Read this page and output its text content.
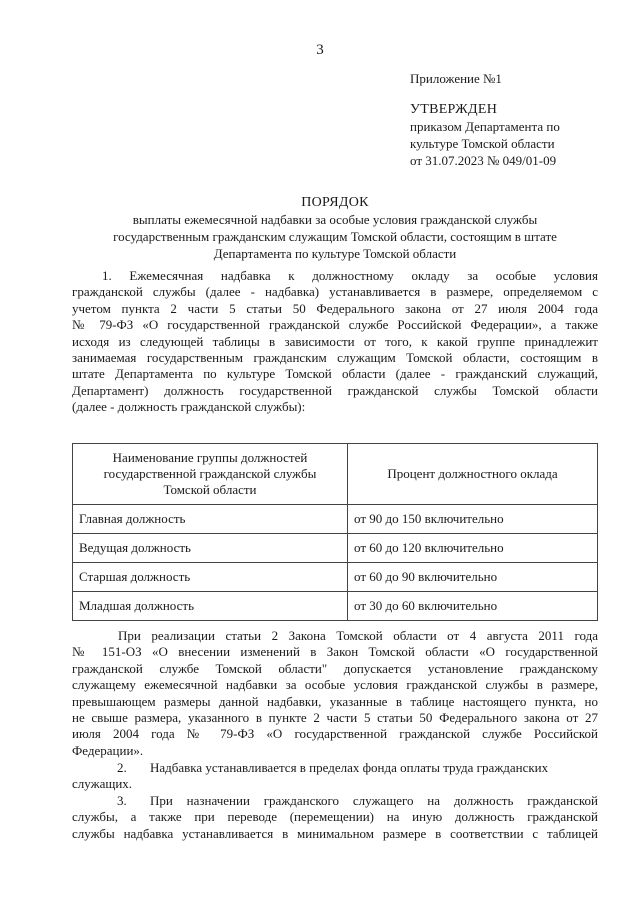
3
Приложение №1
УТВЕРЖДЕН
приказом Департамента по
культуре Томской области
от 31.07.2023 № 049/01-09
ПОРЯДОК
выплаты ежемесячной надбавки за особые условия гражданской службы
государственным гражданским служащим Томской области, состоящим в штате
Департамента по культуре Томской области
1. Ежемесячная надбавка к должностному окладу за особые условия
гражданской службы (далее - надбавка) устанавливается в размере, определяемом с
учетом пункта 2 части 5 статьи 50 Федерального закона от 27 июля 2004 года
№ 79-ФЗ «О государственной гражданской службе Российской Федерации», а также
исходя из следующей таблицы в зависимости от того, к какой группе принадлежит
занимаемая государственным гражданским служащим Томской области, состоящим в
штате Департамента по культуре Томской области (далее - гражданский служащий,
Департамент) должность государственной гражданской службы Томской области
(далее - должность гражданской службы):
Наименование группы должностей
государственной гражданской службы
Томской области	Процент должностного оклада
Главная должность	от 90 до 150 включительно
Ведущая должность	от 60 до 120 включительно
Старшая должность	от 60 до 90 включительно
Младшая должность	от 30 до 60 включительно
При реализации статьи 2 Закона Томской области от 4 августа 2011 года
№ 151-ОЗ «О внесении изменений в Закон Томской области «О государственной
гражданской службе Томской области" допускается установление гражданскому
служащему ежемесячной надбавки за особые условия гражданской службы в размере,
превышающем размеры данной надбавки, указанные в таблице настоящего пункта, но
не свыше размера, указанного в пункте 2 части 5 статьи 50 Федерального закона от 27
июля 2004 года № 79-ФЗ «О государственной гражданской службе Российской
Федерации».
2. Надбавка устанавливается в пределах фонда оплаты труда гражданских
служащих.
3. При назначении гражданского служащего на должность гражданской
службы, а также при переводе (перемещении) на иную должность гражданской
службы надбавка устанавливается в минимальном размере в соответствии с таблицей
